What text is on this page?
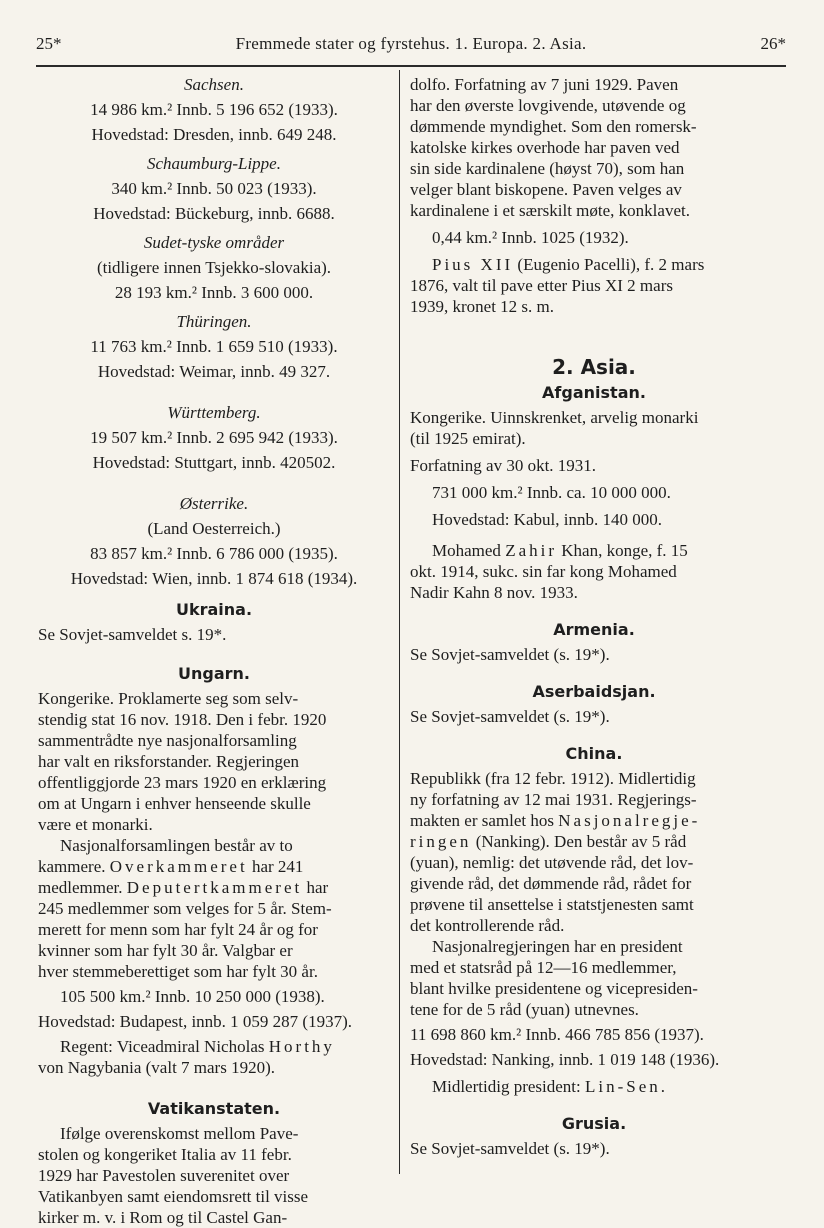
25*	Fremmede stater og fyrstehus. 1. Europa. 2. Asia.	26*
Sachsen.
14 986 km.² Innb. 5 196 652 (1933).
Hovedstad: Dresden, innb. 649 248.
Schaumburg-Lippe.
340 km.² Innb. 50 023 (1933).
Hovedstad: Bückeburg, innb. 6688.
Sudet-tyske områder
(tidligere innen Tsjekko-slovakia).
28 193 km.² Innb. 3 600 000.
Thüringen.
11 763 km.² Innb. 1 659 510 (1933).
Hovedstad: Weimar, innb. 49 327.
Württemberg.
19 507 km.² Innb. 2 695 942 (1933).
Hovedstad: Stuttgart, innb. 420502.
Østerrike.
(Land Oesterreich.)
83 857 km.² Innb. 6 786 000 (1935).
Hovedstad: Wien, innb. 1 874 618 (1934).
Ukraina.
Se Sovjet-samveldet s. 19*.
Ungarn.
Kongerike. Proklamerte seg som selv-
stendig stat 16 nov. 1918. Den i febr. 1920
sammentrådte nye nasjonalforsamling
har valt en riksforstander. Regjeringen
offentliggjorde 23 mars 1920 en erklæring
om at Ungarn i enhver henseende skulle
være et monarki.
Nasjonalforsamlingen består av to
kammere. Overkammeret har 241
medlemmer. Deputertkammeret har
245 medlemmer som velges for 5 år. Stem-
merett for menn som har fylt 24 år og for
kvinner som har fylt 30 år. Valgbar er
hver stemmeberettiget som har fylt 30 år.
105 500 km.² Innb. 10 250 000 (1938).
Hovedstad: Budapest, innb. 1 059 287 (1937).
Regent: Viceadmiral Nicholas Horthy
von Nagybania (valt 7 mars 1920).
Vatikanstaten.
Ifølge overenskomst mellom Pave-
stolen og kongeriket Italia av 11 febr.
1929 har Pavestolen suverenitet over
Vatikanbyen samt eiendomsrett til visse
kirker m. v. i Rom og til Castel Gan-
dolfo. Forfatning av 7 juni 1929. Paven
har den øverste lovgivende, utøvende og
dømmende myndighet. Som den romersk-
katolske kirkes overhode har paven ved
sin side kardinalene (høyst 70), som han
velger blant biskopene. Paven velges av
kardinalene i et særskilt møte, konklavet.
0,44 km.² Innb. 1025 (1932).
Pius XII (Eugenio Pacelli), f. 2 mars
1876, valt til pave etter Pius XI 2 mars
1939, kronet 12 s. m.
2. Asia.
Afganistan.
Kongerike. Uinnskrenket, arvelig monarki
(til 1925 emirat).
Forfatning av 30 okt. 1931.
731 000 km.² Innb. ca. 10 000 000.
Hovedstad: Kabul, innb. 140 000.
Mohamed Zahir Khan, konge, f. 15
okt. 1914, sukc. sin far kong Mohamed
Nadir Kahn 8 nov. 1933.
Armenia.
Se Sovjet-samveldet (s. 19*).
Aserbaidsjan.
Se Sovjet-samveldet (s. 19*).
China.
Republikk (fra 12 febr. 1912). Midlertidig
ny forfatning av 12 mai 1931. Regjerings-
makten er samlet hos Nasjonalregje-
ringen (Nanking). Den består av 5 råd
(yuan), nemlig: det utøvende råd, det lov-
givende råd, det dømmende råd, rådet for
prøvene til ansettelse i statstjenesten samt
det kontrollerende råd.
Nasjonalregjeringen har en president
med et statsråd på 12—16 medlemmer,
blant hvilke presidentene og vicepresiden-
tene for de 5 råd (yuan) utnevnes.
11 698 860 km.² Innb. 466 785 856 (1937).
Hovedstad: Nanking, innb. 1 019 148 (1936).
Midlertidig president: Lin-Sen.
Grusia.
Se Sovjet-samveldet (s. 19*).
